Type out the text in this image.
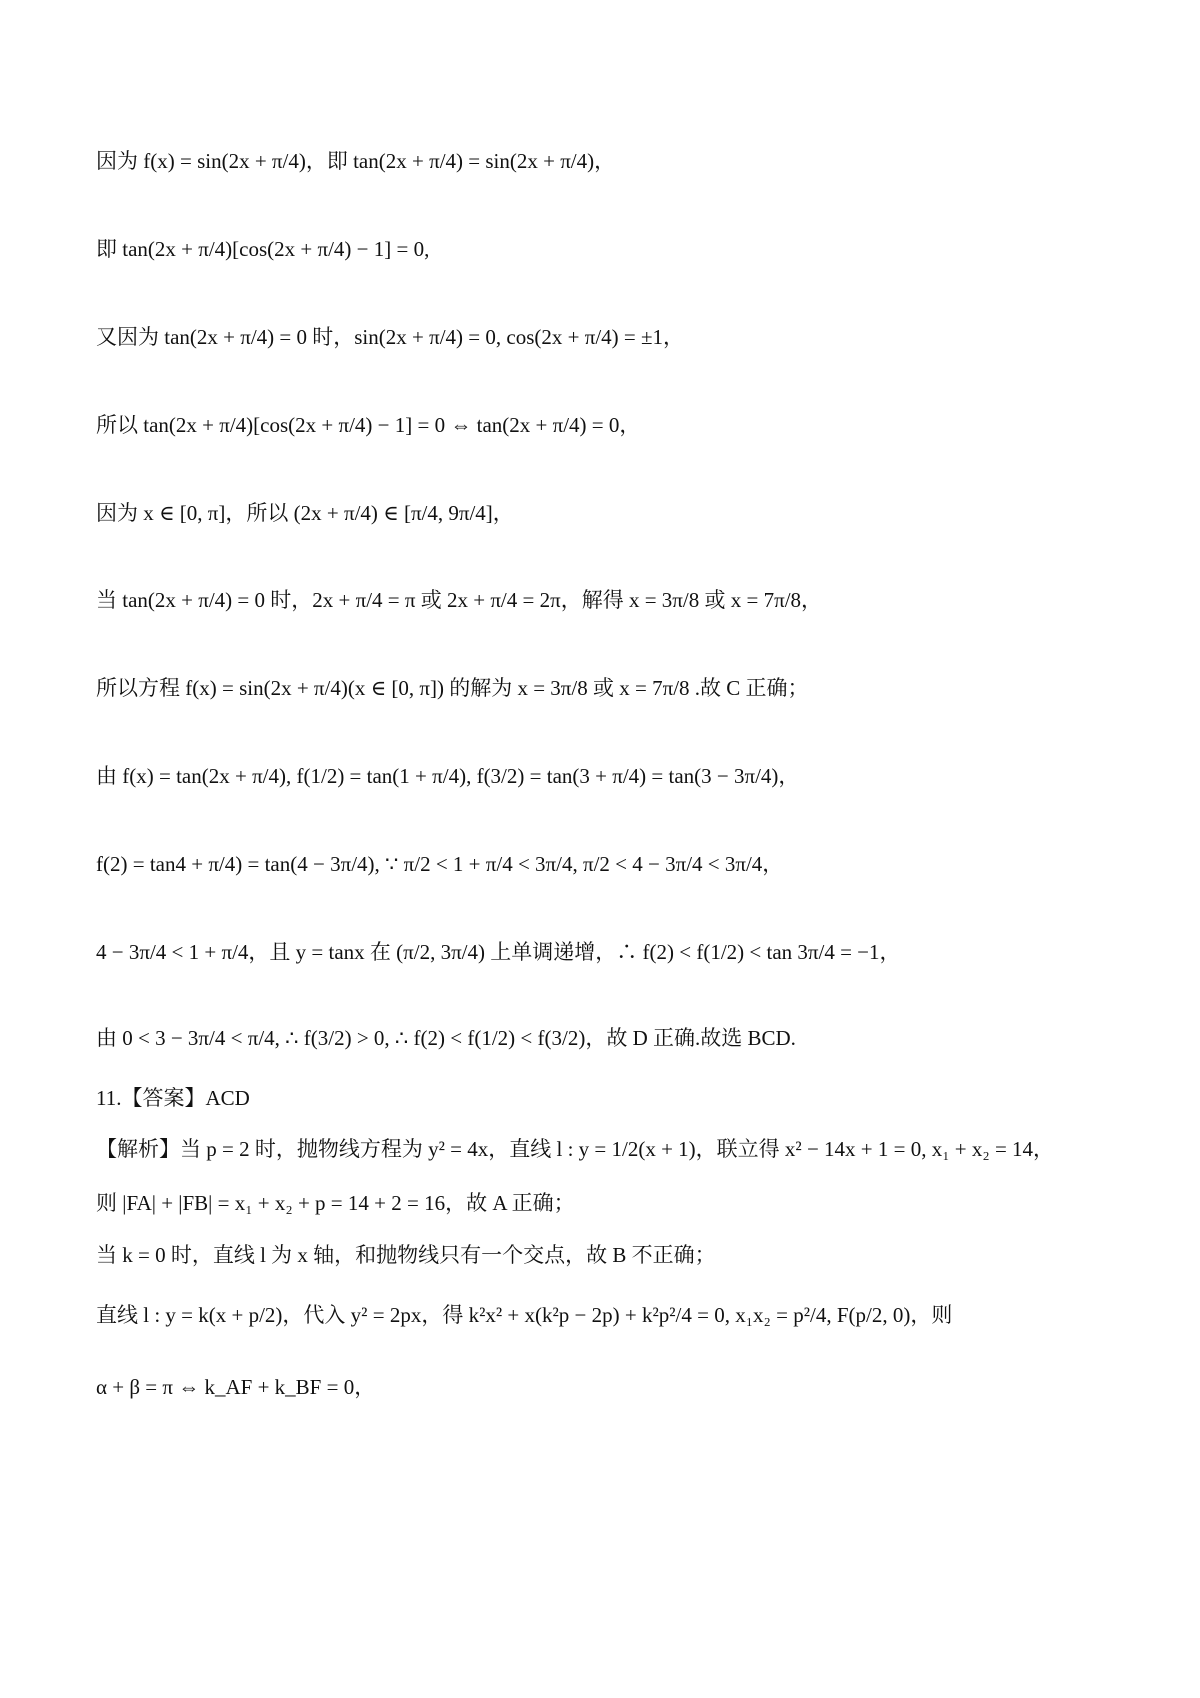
因为 f(x) = sin(2x + π/4)，即 tan(2x + π/4) = sin(2x + π/4)，
即 tan(2x + π/4)[cos(2x + π/4) − 1] = 0,
又因为 tan(2x + π/4) = 0 时，sin(2x + π/4) = 0, cos(2x + π/4) = ±1，
所以 tan(2x + π/4)[cos(2x + π/4) − 1] = 0 ⇔ tan(2x + π/4) = 0，
因为 x ∈ [0, π]，所以 (2x + π/4) ∈ [π/4, 9π/4]，
当 tan(2x + π/4) = 0 时，2x + π/4 = π 或 2x + π/4 = 2π，解得 x = 3π/8 或 x = 7π/8，
所以方程 f(x) = sin(2x + π/4)(x ∈ [0, π]) 的解为 x = 3π/8 或 x = 7π/8 .故 C 正确；
由 f(x) = tan(2x + π/4), f(1/2) = tan(1 + π/4), f(3/2) = tan(3 + π/4) = tan(3 − 3π/4)，
f(2) = tan4 + π/4) = tan(4 − 3π/4), ∵ π/2 < 1 + π/4 < 3π/4, π/2 < 4 − 3π/4 < 3π/4，
4 − 3π/4 < 1 + π/4，且 y = tanx 在 (π/2, 3π/4) 上单调递增，∴ f(2) < f(1/2) < tan 3π/4 = −1，
由 0 < 3 − 3π/4 < π/4, ∴ f(3/2) > 0, ∴ f(2) < f(1/2) < f(3/2)，故 D 正确.故选 BCD.
11.【答案】ACD
【解析】当 p = 2 时，抛物线方程为 y² = 4x，直线 l : y = 1/2(x + 1)，联立得 x² − 14x + 1 = 0, x₁ + x₂ = 14，
则 |FA| + |FB| = x₁ + x₂ + p = 14 + 2 = 16，故 A 正确；
当 k = 0 时，直线 l 为 x 轴，和抛物线只有一个交点，故 B 不正确；
直线 l : y = k(x + p/2)，代入 y² = 2px，得 k²x² + x(k²p − 2p) + k²p²/4 = 0, x₁x₂ = p²/4, F(p/2, 0)，则
α + β = π ⇔ k_AF + k_BF = 0，
